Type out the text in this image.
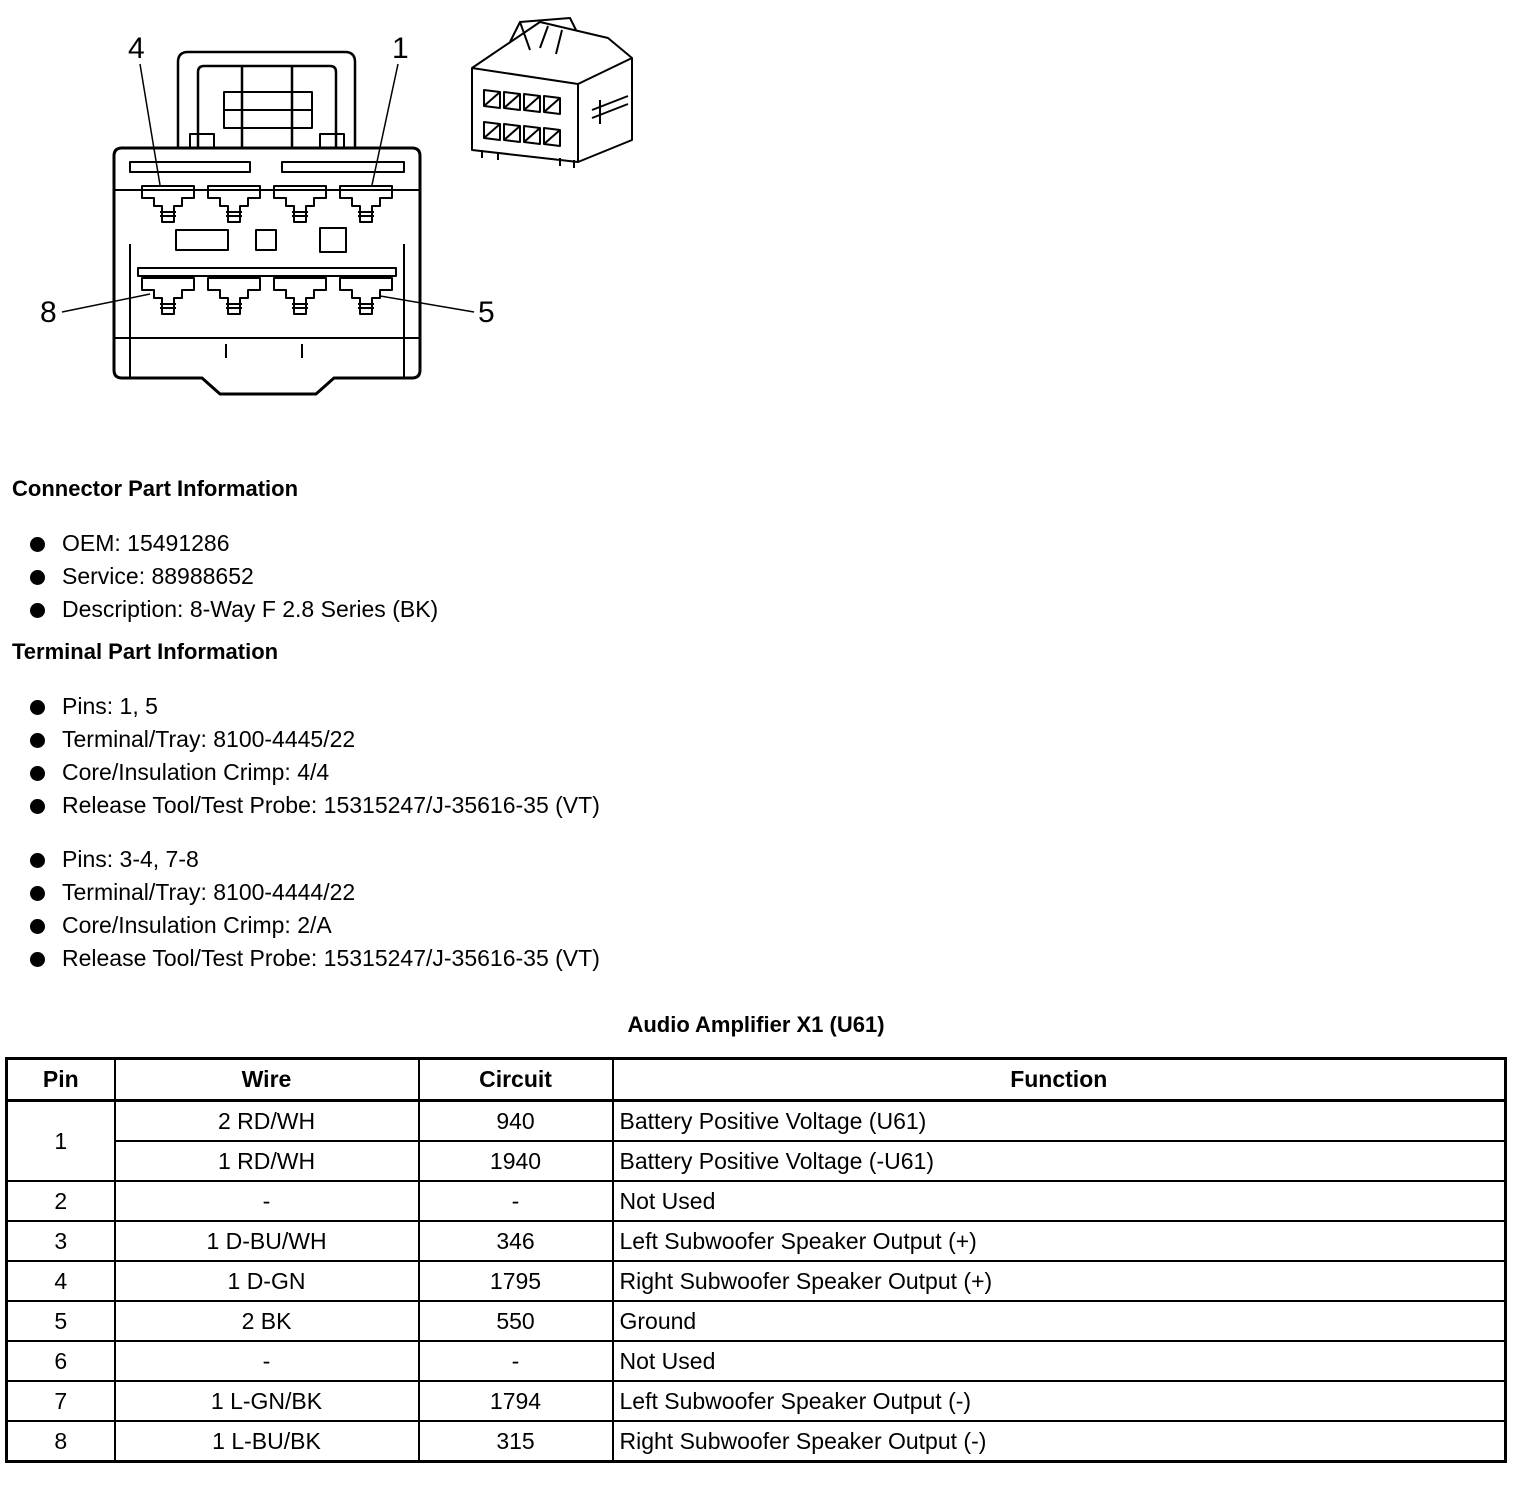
4	1
8	5
Connector Part Information
OEM: 15491286
Service: 88988652
Description: 8-Way F 2.8 Series (BK)
Terminal Part Information
Pins: 1, 5
Terminal/Tray: 8100-4445/22
Core/Insulation Crimp: 4/4
Release Tool/Test Probe: 15315247/J-35616-35 (VT)
Pins: 3-4, 7-8
Terminal/Tray: 8100-4444/22
Core/Insulation Crimp: 2/A
Release Tool/Test Probe: 15315247/J-35616-35 (VT)
Audio Amplifier X1 (U61)
Pin	Wire	Circuit	Function
1	2 RD/WH	940	Battery Positive Voltage (U61)
	1 RD/WH	1940	Battery Positive Voltage (-U61)
2	-	-	Not Used
3	1 D-BU/WH	346	Left Subwoofer Speaker Output (+)
4	1 D-GN	1795	Right Subwoofer Speaker Output (+)
5	2 BK	550	Ground
6	-	-	Not Used
7	1 L-GN/BK	1794	Left Subwoofer Speaker Output (-)
8	1 L-BU/BK	315	Right Subwoofer Speaker Output (-)
